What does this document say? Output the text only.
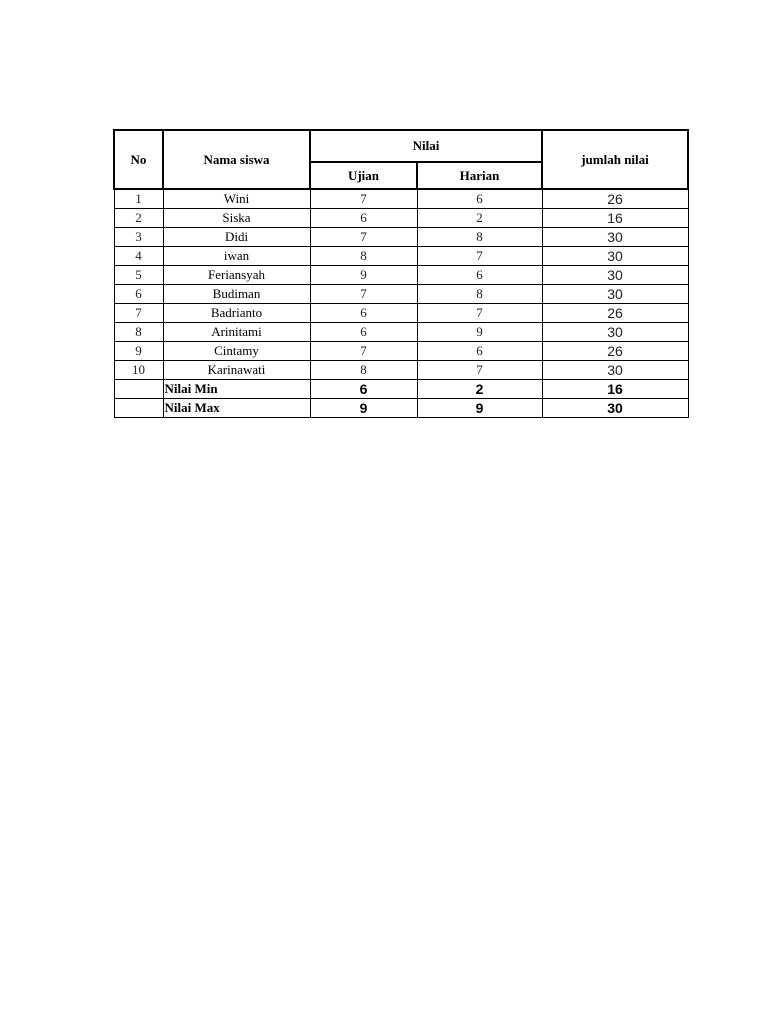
No	Nama siswa	Nilai		jumlah nilai
		Ujian	Harian	
1	Wini	7	6	26
2	Siska	6	2	16
3	Didi	7	8	30
4	iwan	8	7	30
5	Feriansyah	9	6	30
6	Budiman	7	8	30
7	Badrianto	6	7	26
8	Arinitami	6	9	30
9	Cintamy	7	6	26
10	Karinawati	8	7	30
	Nilai Min	6	2	16
	Nilai Max	9	9	30
